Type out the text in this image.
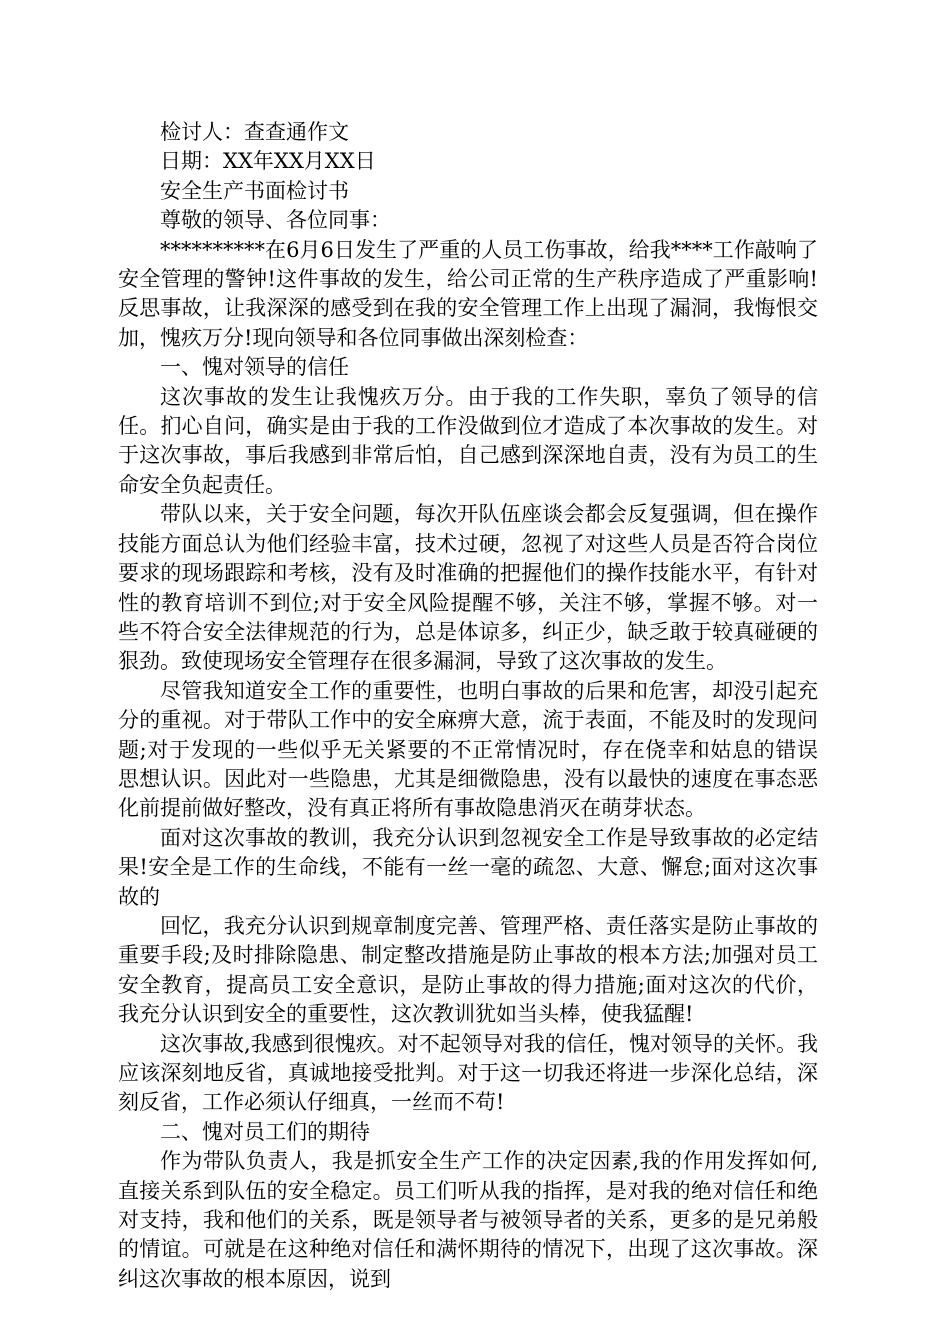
检讨人：查查通作文

日期：XX年XX月XX日

安全生产书面检讨书

尊敬的领导、各位同事：

**********在6月6日发生了严重的人员工伤事故，给我****工作敲响了安全管理的警钟!这件事故的发生，给公司正常的生产秩序造成了严重影响!反思事故，让我深深的感受到在我的安全管理工作上出现了漏洞，我悔恨交加，愧疚万分!现向领导和各位同事做出深刻检查：

一、愧对领导的信任

这次事故的发生让我愧疚万分。由于我的工作失职，辜负了领导的信任。扪心自问，确实是由于我的工作没做到位才造成了本次事故的发生。对于这次事故，事后我感到非常后怕，自己感到深深地自责，没有为员工的生命安全负起责任。

带队以来，关于安全问题，每次开队伍座谈会都会反复强调，但在操作技能方面总认为他们经验丰富，技术过硬，忽视了对这些人员是否符合岗位要求的现场跟踪和考核，没有及时准确的把握他们的操作技能水平，有针对性的教育培训不到位;对于安全风险提醒不够，关注不够，掌握不够。对一些不符合安全法律规范的行为，总是体谅多，纠正少，缺乏敢于较真碰硬的狠劲。致使现场安全管理存在很多漏洞，导致了这次事故的发生。

尽管我知道安全工作的重要性，也明白事故的后果和危害，却没引起充分的重视。对于带队工作中的安全麻痹大意，流于表面，不能及时的发现问题;对于发现的一些似乎无关紧要的不正常情况时，存在侥幸和姑息的错误思想认识。因此对一些隐患，尤其是细微隐患，没有以最快的速度在事态恶化前提前做好整改，没有真正将所有事故隐患消灭在萌芽状态。

面对这次事故的教训，我充分认识到忽视安全工作是导致事故的必定结果!安全是工作的生命线，不能有一丝一毫的疏忽、大意、懈怠;面对这次事故的

回忆，我充分认识到规章制度完善、管理严格、责任落实是防止事故的重要手段;及时排除隐患、制定整改措施是防止事故的根本方法;加强对员工安全教育，提高员工安全意识，是防止事故的得力措施;面对这次的代价，我充分认识到安全的重要性，这次教训犹如当头棒，使我猛醒!

这次事故,我感到很愧疚。对不起领导对我的信任，愧对领导的关怀。我应该深刻地反省，真诚地接受批判。对于这一切我还将进一步深化总结，深刻反省，工作必须认仔细真，一丝而不苟!

二、愧对员工们的期待

作为带队负责人，我是抓安全生产工作的决定因素,我的作用发挥如何,直接关系到队伍的安全稳定。员工们听从我的指挥，是对我的绝对信任和绝对支持，我和他们的关系，既是领导者与被领导者的关系，更多的是兄弟般的情谊。可就是在这种绝对信任和满怀期待的情况下，出现了这次事故。深纠这次事故的根本原因，说到
